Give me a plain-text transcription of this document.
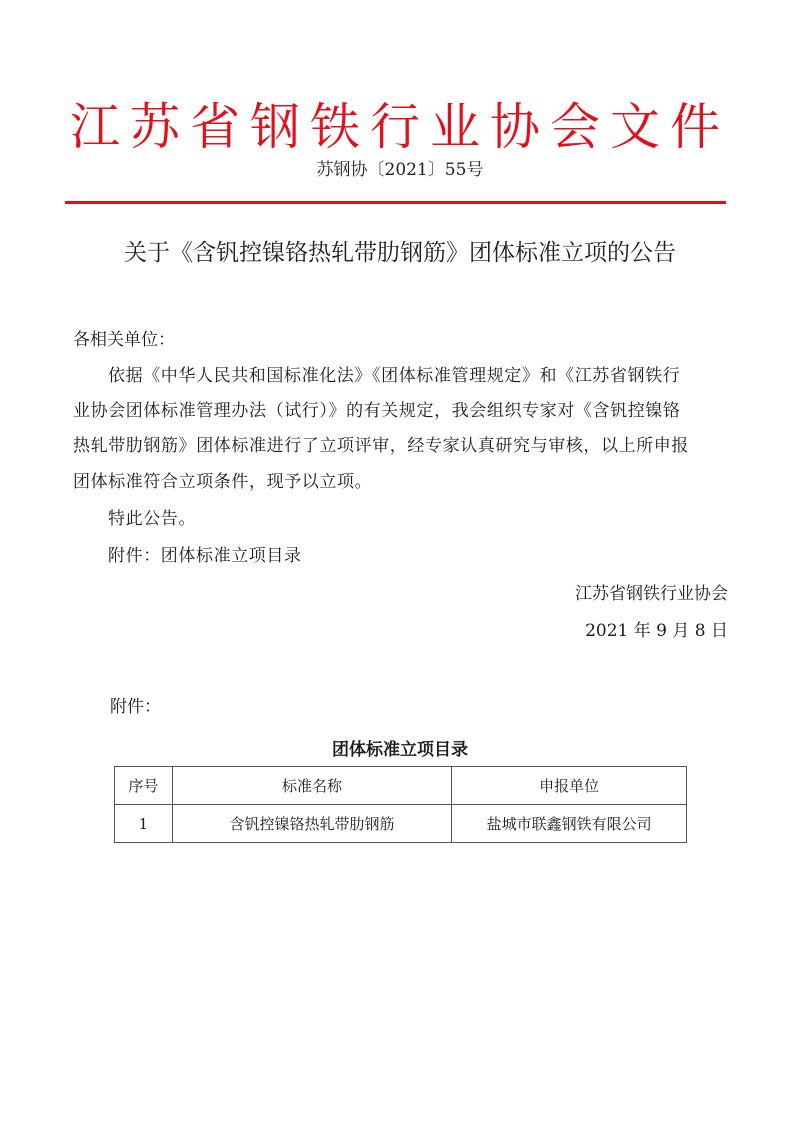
江苏省钢铁行业协会文件
苏钢协〔2021〕55号
关于《含钒控镍铬热轧带肋钢筋》团体标准立项的公告
各相关单位：
依据《中华人民共和国标准化法》《团体标准管理规定》和《江苏省钢铁行
业协会团体标准管理办法（试行）》的有关规定，我会组织专家对《含钒控镍铬
热轧带肋钢筋》团体标准进行了立项评审，经专家认真研究与审核，以上所申报
团体标准符合立项条件，现予以立项。
特此公告。
附件：团体标准立项目录
江苏省钢铁行业协会
2021 年 9 月 8 日
附件：
团体标准立项目录
序号	标准名称	申报单位
1	含钒控镍铬热轧带肋钢筋	盐城市联鑫钢铁有限公司
